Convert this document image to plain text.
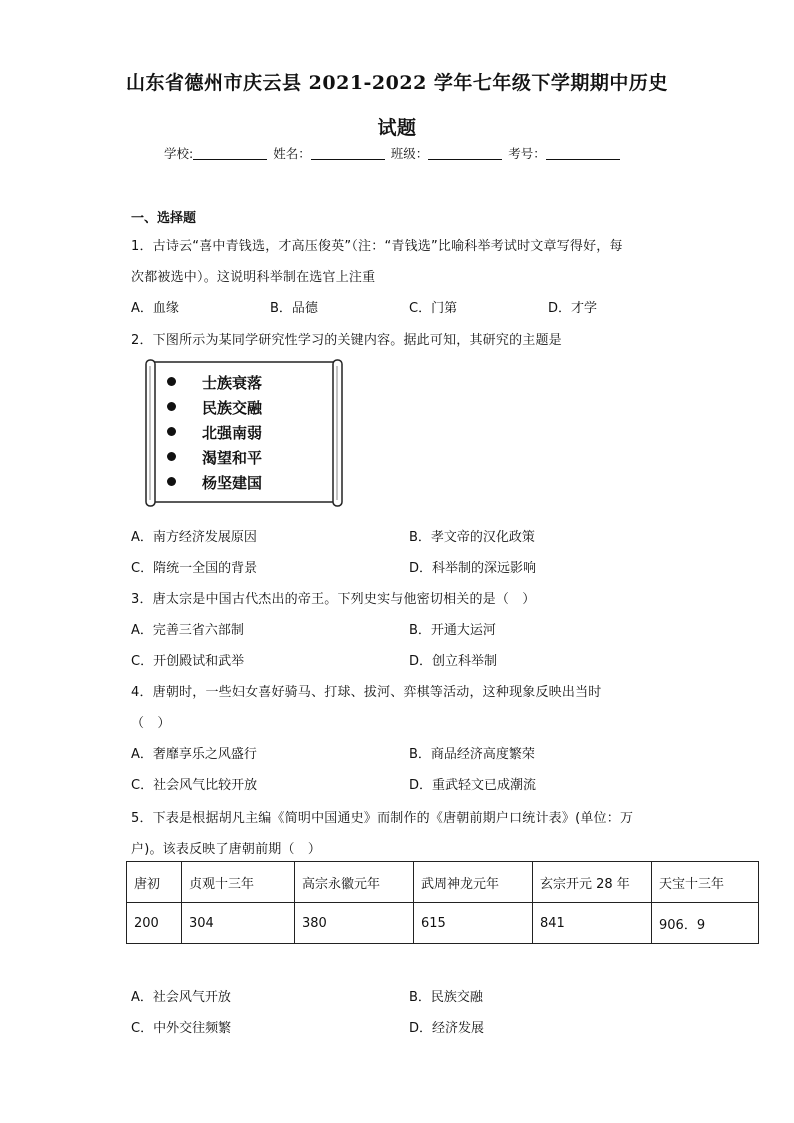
山东省德州市庆云县 2021-2022 学年七年级下学期期中历史
试题
学校:	姓名：	班级：	考号：
一、选择题
1．古诗云“喜中青钱选，才高压俊英”（注：“青钱选”比喻科举考试时文章写得好，每
次都被选中）。这说明科举制在选官上注重
A．血缘	B．品德	C．门第	D．才学
2．下图所示为某同学研究性学习的关键内容。据此可知，其研究的主题是
士族衰落
民族交融
北强南弱
渴望和平
杨坚建国
A．南方经济发展原因	B．孝文帝的汉化政策
C．隋统一全国的背景	D．科举制的深远影响
3．唐太宗是中国古代杰出的帝王。下列史实与他密切相关的是（　）
A．完善三省六部制	B．开通大运河
C．开创殿试和武举	D．创立科举制
4．唐朝时，一些妇女喜好骑马、打球、拔河、弈棋等活动，这种现象反映出当时
（　）
A．奢靡享乐之风盛行	B．商品经济高度繁荣
C．社会风气比较开放	D．重武轻文已成潮流
5．下表是根据胡凡主编《简明中国通史》而制作的《唐朝前期户口统计表》(单位：万
户)。该表反映了唐朝前期（　）
唐初	贞观十三年	高宗永徽元年	武周神龙元年	玄宗开元 28 年	天宝十三年
200	304	380	615	841	906．9
A．社会风气开放	B．民族交融
C．中外交往频繁	D．经济发展
